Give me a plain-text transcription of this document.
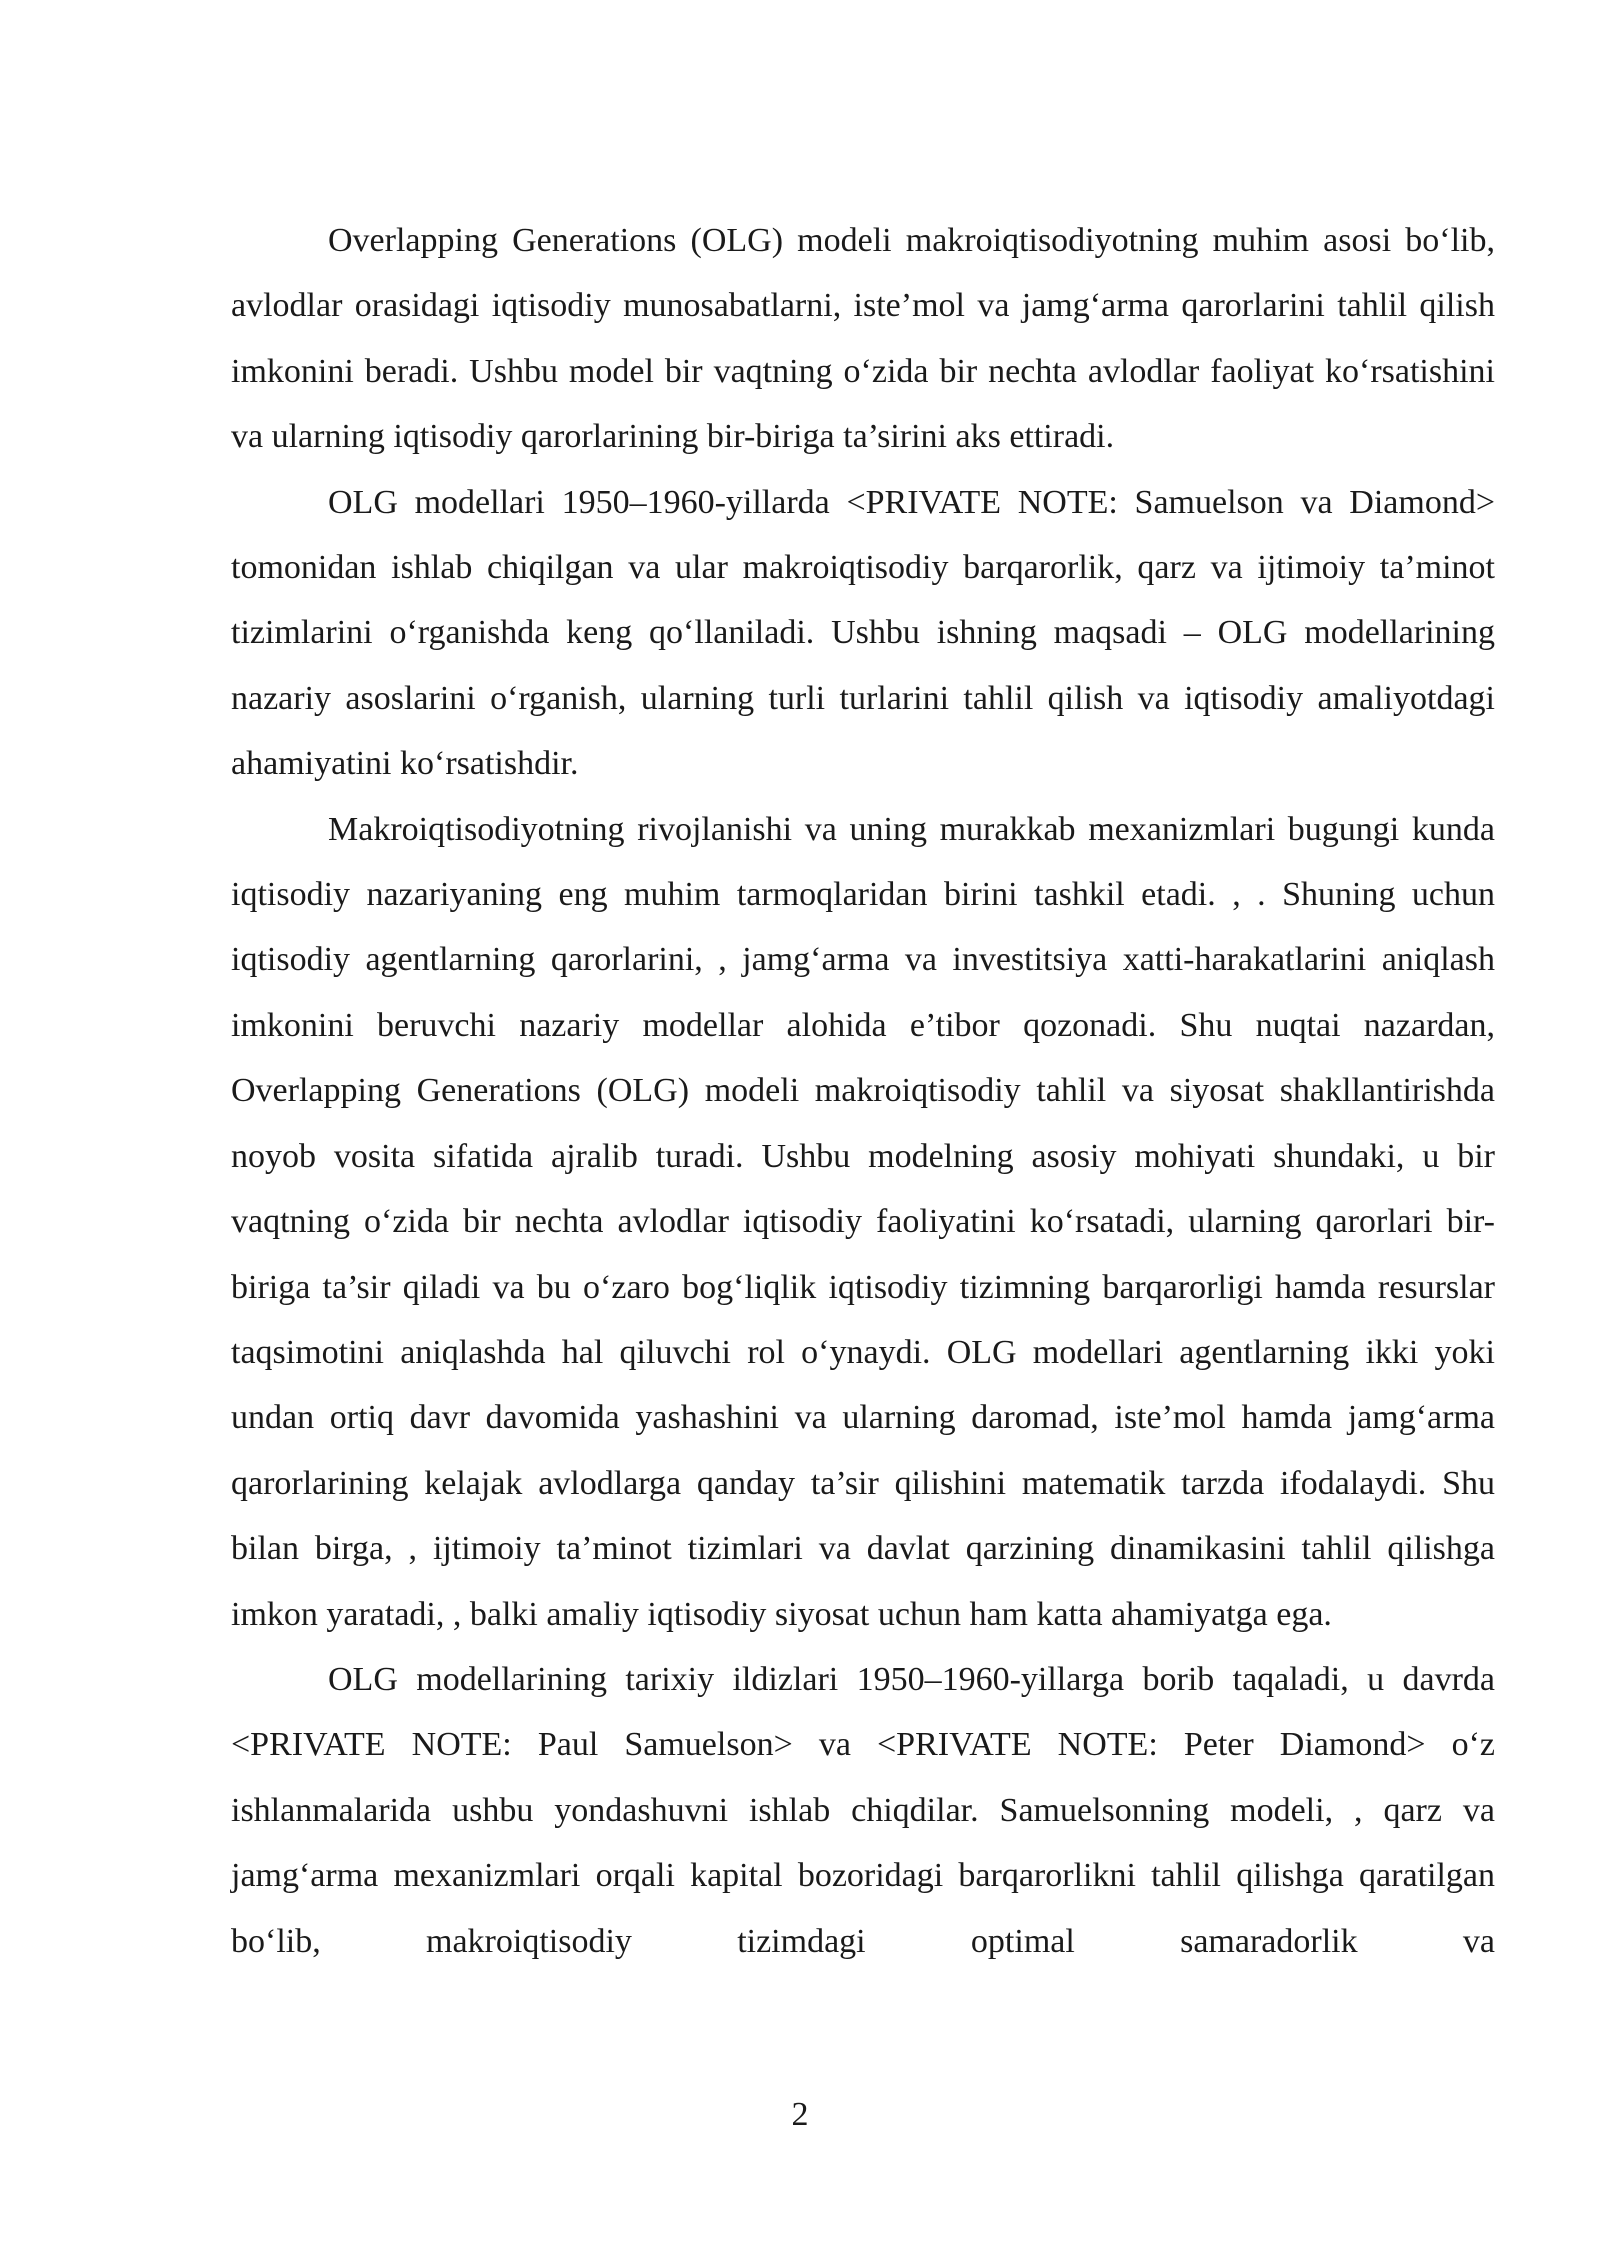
Overlapping Generations (OLG) modeli makroiqtisodiyotning muhim asosi bo‘lib, avlodlar orasidagi iqtisodiy munosabatlarni, iste’mol va jamg‘arma qarorlarini tahlil qilish imkonini beradi. Ushbu model bir vaqtning o‘zida bir nechta avlodlar faoliyat ko‘rsatishini va ularning iqtisodiy qarorlarining bir-biriga ta’sirini aks ettiradi.

OLG modellari 1950–1960-yillarda <PRIVATE NOTE: Samuelson va Diamond> tomonidan ishlab chiqilgan va ular makroiqtisodiy barqarorlik, qarz va ijtimoiy ta’minot tizimlarini o‘rganishda keng qo‘llaniladi. Ushbu ishning maqsadi – OLG modellarining nazariy asoslarini o‘rganish, ularning turli turlarini tahlil qilish va iqtisodiy amaliyotdagi ahamiyatini ko‘rsatishdir.

Makroiqtisodiyotning rivojlanishi va uning murakkab mexanizmlari bugungi kunda iqtisodiy nazariyaning eng muhim tarmoqlaridan birini tashkil etadi. , . Shuning uchun iqtisodiy agentlarning qarorlarini, , jamg‘arma va investitsiya xatti-harakatlarini aniqlash imkonini beruvchi nazariy modellar alohida e’tibor qozonadi. Shu nuqtai nazardan, Overlapping Generations (OLG) modeli makroiqtisodiy tahlil va siyosat shakllantirishda noyob vosita sifatida ajralib turadi. Ushbu modelning asosiy mohiyati shundaki, u bir vaqtning o‘zida bir nechta avlodlar iqtisodiy faoliyatini ko‘rsatadi, ularning qarorlari bir-biriga ta’sir qiladi va bu o‘zaro bog‘liqlik iqtisodiy tizimning barqarorligi hamda resurslar taqsimotini aniqlashda hal qiluvchi rol o‘ynaydi. OLG modellari agentlarning ikki yoki undan ortiq davr davomida yashashini va ularning daromad, iste’mol hamda jamg‘arma qarorlarining kelajak avlodlarga qanday ta’sir qilishini matematik tarzda ifodalaydi. Shu bilan birga, , ijtimoiy ta’minot tizimlari va davlat qarzining dinamikasini tahlil qilishga imkon yaratadi, , balki amaliy iqtisodiy siyosat uchun ham katta ahamiyatga ega.

OLG modellarining tarixiy ildizlari 1950–1960-yillarga borib taqaladi, u davrda <PRIVATE NOTE: Paul Samuelson> va <PRIVATE NOTE: Peter Diamond> o‘z ishlanmalarida ushbu yondashuvni ishlab chiqdilar. Samuelsonning modeli, , qarz va jamg‘arma mexanizmlari orqali kapital bozoridagi barqarorlikni tahlil qilishga qaratilgan bo‘lib, makroiqtisodiy tizimdagi optimal samaradorlik va

2
